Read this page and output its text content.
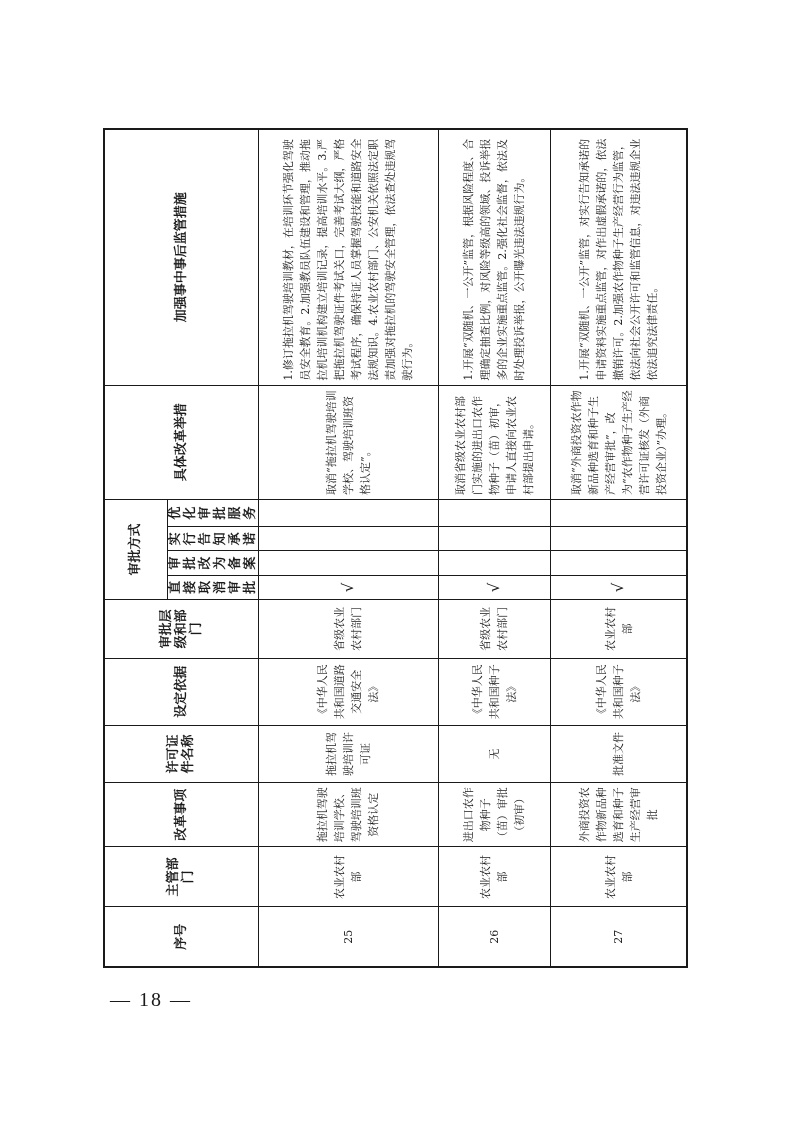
序号	主管部门	改革事项	许可证件名称	设定依据	审批层级和部门	审批方式				具体改革举措	加强事中事后监管措施
						直接取消审批	审批改为备案	实行告知承诺	优化审批服务		
25	农业农村部	拖拉机驾驶培训学校、驾驶培训班资格认定	拖拉机驾驶培训许可证	《中华人民共和国道路交通安全法》	省级农业农村部门	√				取消“拖拉机驾驶培训学校、驾驶培训班资格认定”。	1.修订拖拉机驾驶培训教材，在培训环节强化驾驶员安全教育。2.加强教员队伍建设和管理，推动拖拉机培训机构建立培训记录，提高培训水平。3.严把拖拉机驾驶证件考试关口，完善考试大纲，严格考试程序，确保持证人员掌握驾驶技能和道路安全法规知识。4.农业农村部门、公安机关依照法定职责加强对拖拉机的驾驶安全管理，依法查处违规驾驶行为。
26	农业农村部	进出口农作物种子（苗）审批（初审）	无	《中华人民共和国种子法》	省级农业农村部门	√				取消省级农业农村部门实施的进出口农作物种子（苗）初审，申请人直接向农业农村部提出申请。	1.开展“双随机、一公开”监管，根据风险程度、合理确定抽查比例，对风险等级高的领域、投诉举报多的企业实施重点监管。2.强化社会监督，依法及时处理投诉举报，公开曝光违法违规行为。
27	农业农村部	外商投资农作物新品种选育和种子生产经营审批	批准文件	《中华人民共和国种子法》	农业农村部	√				取消“外商投资农作物新品种选育和种子生产经营审批”，改为“农作物种子生产经营许可证核发（外商投资企业）”办理。	1.开展“双随机、一公开”监管，对实行告知承诺的申请资料实施重点监管，对作出虚假承诺的，依法撤销许可。2.加强农作物种子生产经营行为监管，依法向社会公开许可和监管信息，对违法违规企业依法追究法律责任。
— 18 —
